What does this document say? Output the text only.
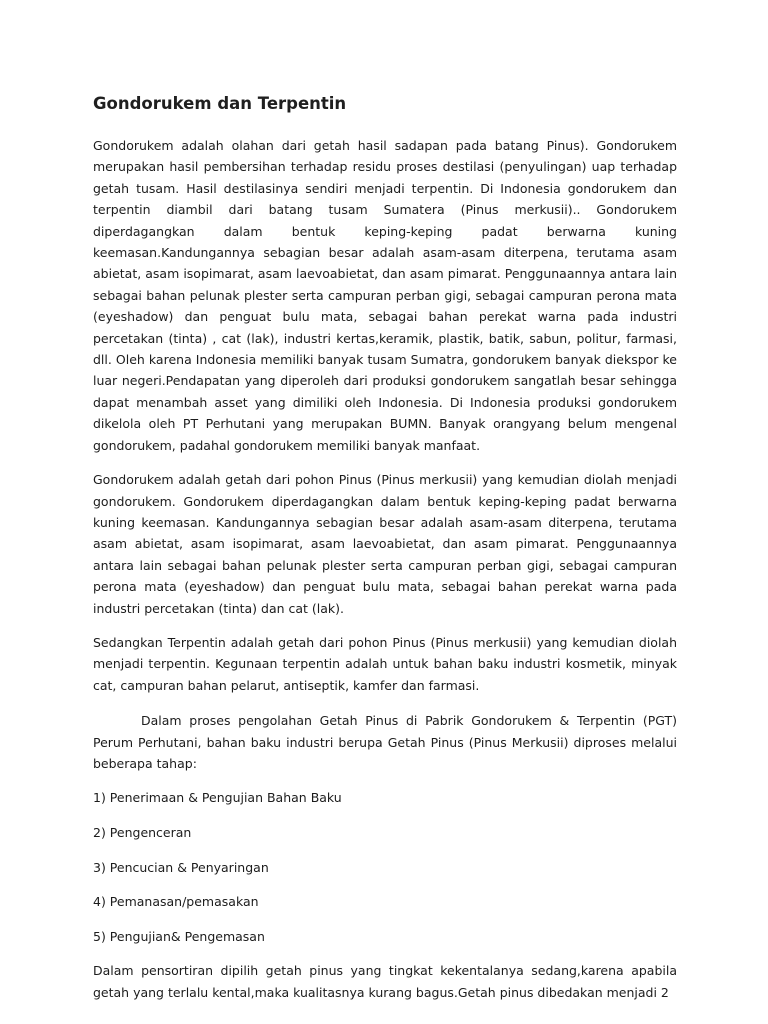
Gondorukem dan Terpentin

Gondorukem adalah olahan dari getah hasil sadapan pada batang Pinus). Gondorukem merupakan hasil pembersihan terhadap residu proses destilasi (penyulingan) uap terhadap getah tusam. Hasil destilasinya sendiri menjadi terpentin. Di Indonesia gondorukem dan terpentin diambil dari batang tusam Sumatera (Pinus merkusii).. Gondorukem diperdagangkan dalam bentuk keping-keping padat berwarna kuning keemasan.Kandungannya sebagian besar adalah asam-asam diterpena, terutama asam abietat, asam isopimarat, asam laevoabietat, dan asam pimarat. Penggunaannya antara lain sebagai bahan pelunak plester serta campuran perban gigi, sebagai campuran perona mata (eyeshadow) dan penguat bulu mata, sebagai bahan perekat warna pada industri percetakan (tinta) , cat (lak), industri kertas,keramik, plastik, batik, sabun, politur, farmasi, dll. Oleh karena Indonesia memiliki banyak tusam Sumatra, gondorukem banyak diekspor ke luar negeri.Pendapatan yang diperoleh dari produksi gondorukem sangatlah besar sehingga dapat menambah asset yang dimiliki oleh Indonesia. Di Indonesia produksi gondorukem dikelola oleh PT Perhutani yang merupakan BUMN. Banyak orangyang belum mengenal gondorukem, padahal gondorukem memiliki banyak manfaat.

Gondorukem adalah getah dari pohon Pinus (Pinus merkusii) yang kemudian diolah menjadi gondorukem. Gondorukem diperdagangkan dalam bentuk keping-keping padat berwarna kuning keemasan. Kandungannya sebagian besar adalah asam-asam diterpena, terutama asam abietat, asam isopimarat, asam laevoabietat, dan asam pimarat. Penggunaannya antara lain sebagai bahan pelunak plester serta campuran perban gigi, sebagai campuran perona mata (eyeshadow) dan penguat bulu mata, sebagai bahan perekat warna pada industri percetakan (tinta) dan cat (lak).

Sedangkan Terpentin adalah getah dari pohon Pinus (Pinus merkusii) yang kemudian diolah menjadi terpentin. Kegunaan terpentin adalah untuk bahan baku industri kosmetik, minyak cat, campuran bahan pelarut, antiseptik, kamfer dan farmasi.

Dalam proses pengolahan Getah Pinus di Pabrik Gondorukem & Terpentin (PGT) Perum Perhutani, bahan baku industri berupa Getah Pinus (Pinus Merkusii) diproses melalui beberapa tahap:

1) Penerimaan & Pengujian Bahan Baku
2) Pengenceran
3) Pencucian & Penyaringan
4) Pemanasan/pemasakan
5) Pengujian& Pengemasan

Dalam pensortiran dipilih getah pinus yang tingkat kekentalanya sedang,karena apabila getah yang terlalu kental,maka kualitasnya kurang bagus.Getah pinus dibedakan menjadi 2
